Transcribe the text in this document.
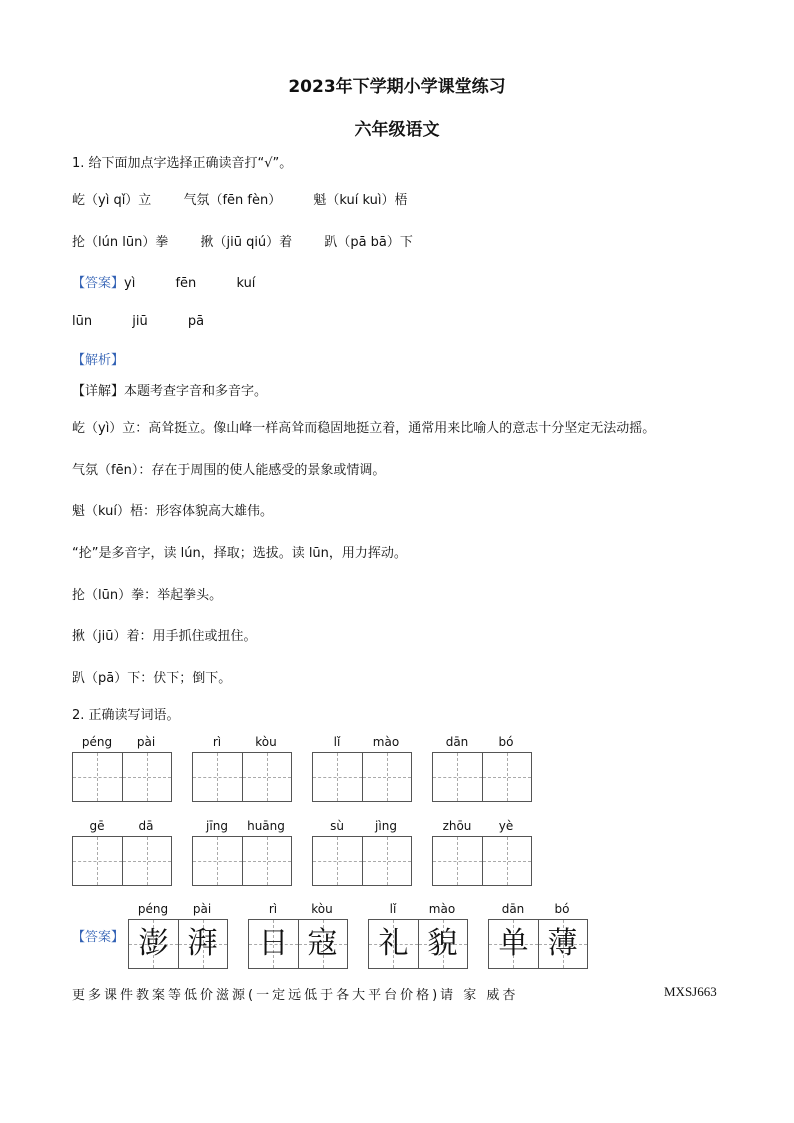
2023年下学期小学课堂练习
六年级语文
1. 给下面加点字选择正确读音打“√”。
屹（yì qǐ）立 气氛（fēn fèn） 魁（kuí kuì）梧
抡（lún lūn）拳 揪（jiū qiú）着 趴（pā bā）下
【答案】yì	fēn	kuí
lūn	jiū	pā
【解析】
【详解】本题考查字音和多音字。
屹（yì）立：高耸挺立。像山峰一样高耸而稳固地挺立着，通常用来比喻人的意志十分坚定无法动摇。
气氛（fēn）：存在于周围的使人能感受的景象或情调。
魁（kuí）梧：形容体貌高大雄伟。
“抡”是多音字，读 lún，择取；选拔。读 lūn，用力挥动。
抡（lūn）拳：举起拳头。
揪（jiū）着：用手抓住或扭住。
趴（pā）下：伏下；倒下。
2. 正确读写词语。
péng	pài	rì	kòu	lǐ	mào	dān	bó
gē	dā	jīng	huāng	sù	jìng	zhōu	yè
【答案】
péng	pài
澎 湃
rì	kòu
日 寇
lǐ	mào
礼 貌
dān	bó
单 薄
更多课件教案等低价滋源(一定远低于各大平台价格)请 家 威杏	MXSJ663
